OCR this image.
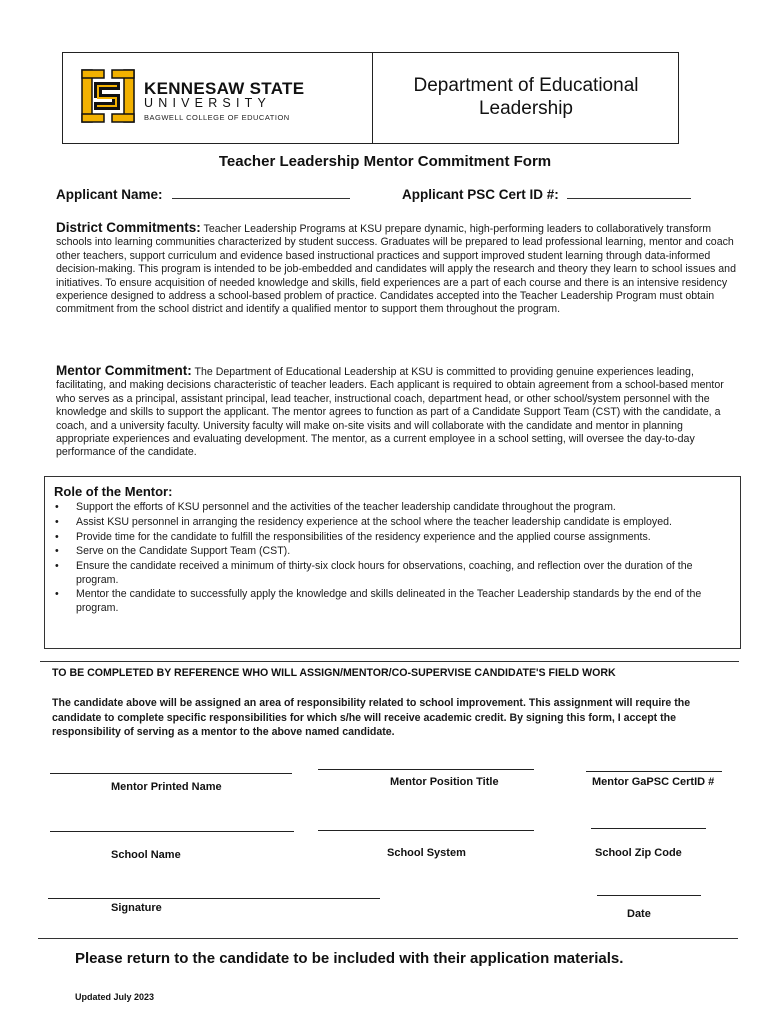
KENNESAW STATE
UNIVERSITY
BAGWELL COLLEGE OF EDUCATION
Department of Educational
Leadership
Teacher Leadership Mentor Commitment Form
Applicant Name:	Applicant PSC Cert ID #:
District Commitments: Teacher Leadership Programs at KSU prepare dynamic, high-performing leaders to collaboratively transform schools into learning communities characterized by student success. Graduates will be prepared to lead professional learning, mentor and coach other teachers, support curriculum and evidence based instructional practices and support improved student learning through data-informed decision-making. This program is intended to be job-embedded and candidates will apply the research and theory they learn to school issues and initiatives. To ensure acquisition of needed knowledge and skills, field experiences are a part of each course and there is an intensive residency experience designed to address a school-based problem of practice. Candidates accepted into the Teacher Leadership Program must obtain commitment from the school district and identify a qualified mentor to support them throughout the program.
Mentor Commitment: The Department of Educational Leadership at KSU is committed to providing genuine experiences leading, facilitating, and making decisions characteristic of teacher leaders. Each applicant is required to obtain agreement from a school-based mentor who serves as a principal, assistant principal, lead teacher, instructional coach, department head, or other school/system personnel with the knowledge and skills to support the applicant. The mentor agrees to function as part of a Candidate Support Team (CST) with the candidate, a coach, and a university faculty. University faculty will make on-site visits and will collaborate with the candidate and mentor in planning appropriate experiences and evaluating development. The mentor, as a current employee in a school setting, will oversee the day-to-day performance of the candidate.
Role of the Mentor:
• Support the efforts of KSU personnel and the activities of the teacher leadership candidate throughout the program.
• Assist KSU personnel in arranging the residency experience at the school where the teacher leadership candidate is employed.
• Provide time for the candidate to fulfill the responsibilities of the residency experience and the applied course assignments.
• Serve on the Candidate Support Team (CST).
• Ensure the candidate received a minimum of thirty-six clock hours for observations, coaching, and reflection over the duration of the program.
• Mentor the candidate to successfully apply the knowledge and skills delineated in the Teacher Leadership standards by the end of the program.
TO BE COMPLETED BY REFERENCE WHO WILL ASSIGN/MENTOR/CO-SUPERVISE CANDIDATE'S FIELD WORK
The candidate above will be assigned an area of responsibility related to school improvement. This assignment will require the candidate to complete specific responsibilities for which s/he will receive academic credit. By signing this form, I accept the responsibility of serving as a mentor to the above named candidate.
Mentor Printed Name	Mentor Position Title	Mentor GaPSC CertID #
School Name	School System	School Zip Code
Signature	Date
Please return to the candidate to be included with their application materials.
Updated July 2023
